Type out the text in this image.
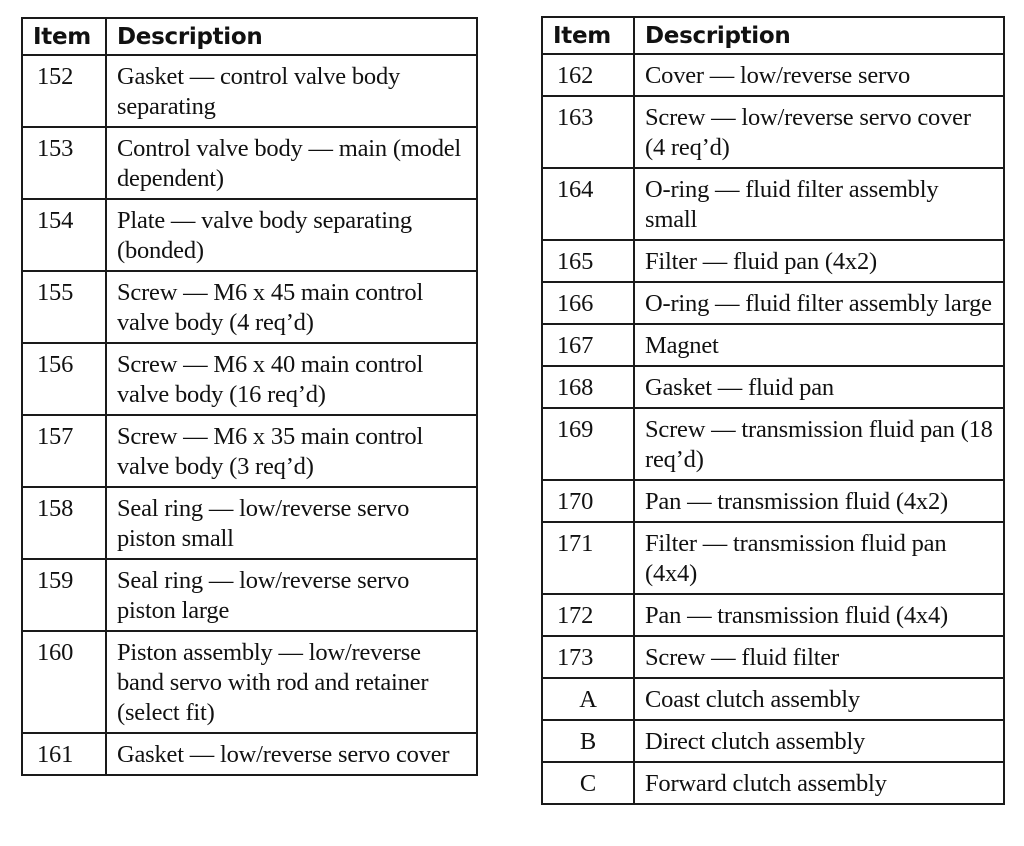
Item	Description
152	Gasket — control valve body separating
153	Control valve body — main (model dependent)
154	Plate — valve body separating (bonded)
155	Screw — M6 x 45 main control valve body (4 req’d)
156	Screw — M6 x 40 main control valve body (16 req’d)
157	Screw — M6 x 35 main control valve body (3 req’d)
158	Seal ring — low/reverse servo piston small
159	Seal ring — low/reverse servo piston large
160	Piston assembly — low/reverse band servo with rod and retainer (select fit)
161	Gasket — low/reverse servo cover
Item	Description
162	Cover — low/reverse servo
163	Screw — low/reverse servo cover (4 req’d)
164	O-ring — fluid filter assembly small
165	Filter — fluid pan (4x2)
166	O-ring — fluid filter assembly large
167	Magnet
168	Gasket — fluid pan
169	Screw — transmission fluid pan (18 req’d)
170	Pan — transmission fluid (4x2)
171	Filter — transmission fluid pan (4x4)
172	Pan — transmission fluid (4x4)
173	Screw — fluid filter
A	Coast clutch assembly
B	Direct clutch assembly
C	Forward clutch assembly
